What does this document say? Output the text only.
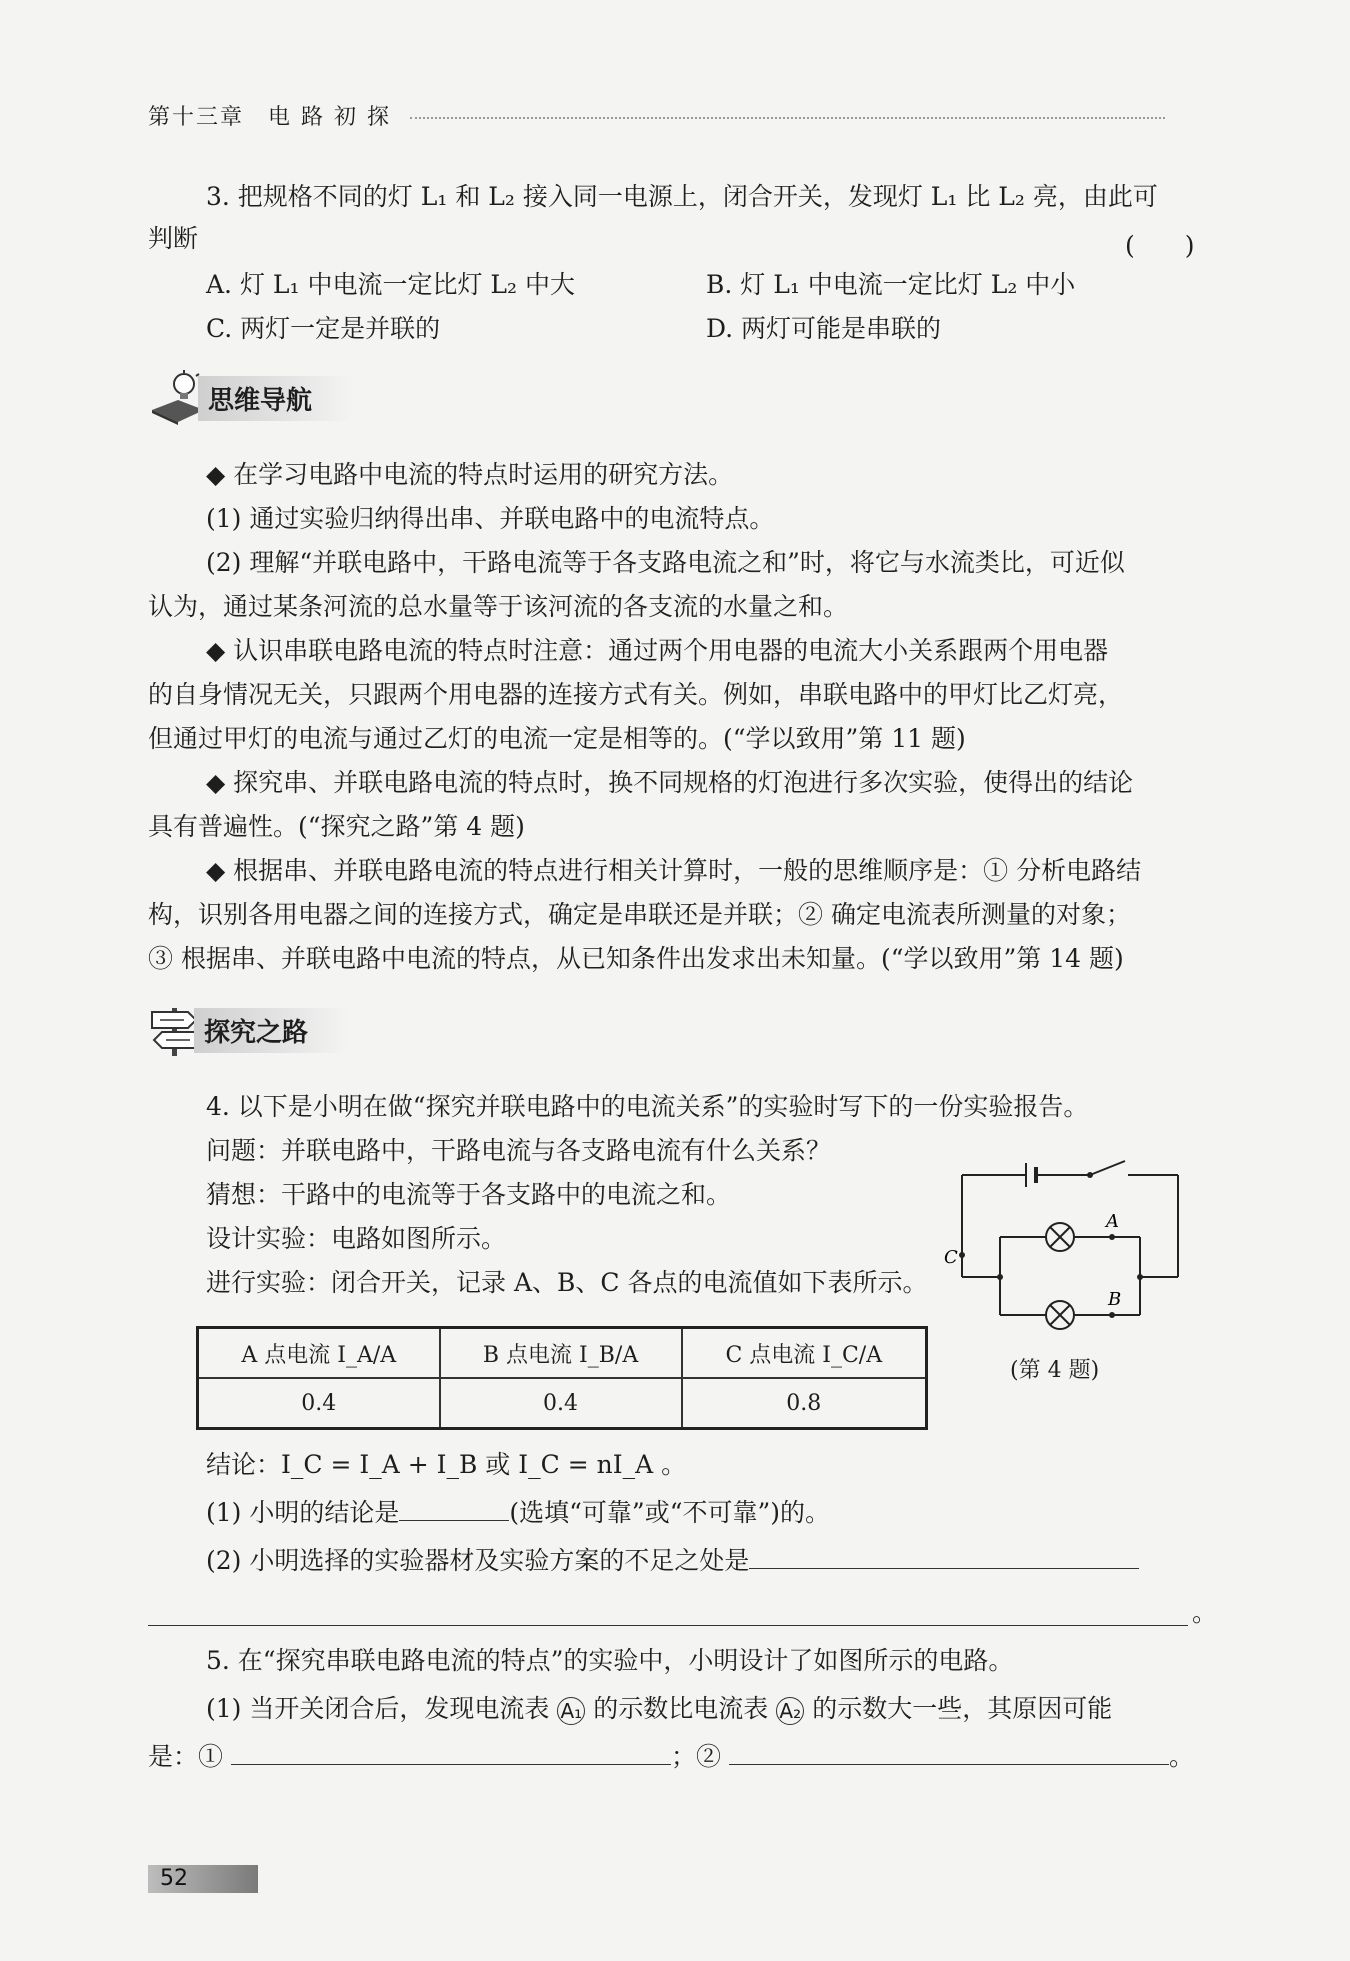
第十三章　电 路 初 探
3. 把规格不同的灯 L₁ 和 L₂ 接入同一电源上，闭合开关，发现灯 L₁ 比 L₂ 亮，由此可
判断	(　　)
A. 灯 L₁ 中电流一定比灯 L₂ 中大	B. 灯 L₁ 中电流一定比灯 L₂ 中小
C. 两灯一定是并联的	D. 两灯可能是串联的
思维导航
◆ 在学习电路中电流的特点时运用的研究方法。
(1) 通过实验归纳得出串、并联电路中的电流特点。
(2) 理解“并联电路中，干路电流等于各支路电流之和”时，将它与水流类比，可近似
认为，通过某条河流的总水量等于该河流的各支流的水量之和。
◆ 认识串联电路电流的特点时注意：通过两个用电器的电流大小关系跟两个用电器
的自身情况无关，只跟两个用电器的连接方式有关。例如，串联电路中的甲灯比乙灯亮，
但通过甲灯的电流与通过乙灯的电流一定是相等的。(“学以致用”第 11 题)
◆ 探究串、并联电路电流的特点时，换不同规格的灯泡进行多次实验，使得出的结论
具有普遍性。(“探究之路”第 4 题)
◆ 根据串、并联电路电流的特点进行相关计算时，一般的思维顺序是：① 分析电路结
构，识别各用电器之间的连接方式，确定是串联还是并联；② 确定电流表所测量的对象；
③ 根据串、并联电路中电流的特点，从已知条件出发求出未知量。(“学以致用”第 14 题)
探究之路
4. 以下是小明在做“探究并联电路中的电流关系”的实验时写下的一份实验报告。
问题：并联电路中，干路电流与各支路电流有什么关系？
猜想：干路中的电流等于各支路中的电流之和。
设计实验：电路如图所示。
进行实验：闭合开关，记录 A、B、C 各点的电流值如下表所示。
A
B
C
(第 4 题)
A 点电流 I_A/A	B 点电流 I_B/A	C 点电流 I_C/A
0.4	0.4	0.8
结论：I_C = I_A + I_B 或 I_C = nI_A 。
(1) 小明的结论是	(选填“可靠”或“不可靠”)的。
(2) 小明选择的实验器材及实验方案的不足之处是
。
5. 在“探究串联电路电流的特点”的实验中，小明设计了如图所示的电路。
(1) 当开关闭合后，发现电流表 A₁ 的示数比电流表 A₂ 的示数大一些，其原因可能
是：①	；②	。
52
